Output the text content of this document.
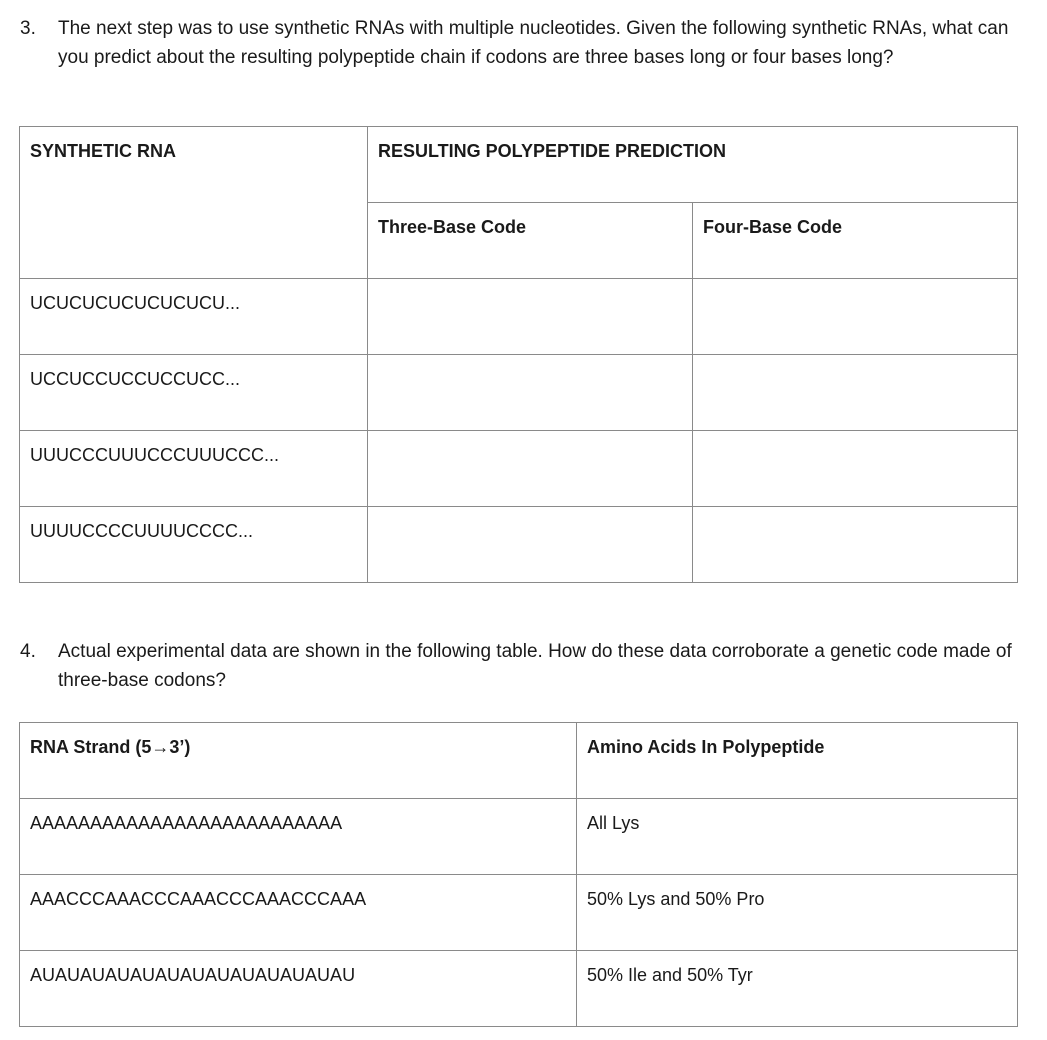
3. The next step was to use synthetic RNAs with multiple nucleotides. Given the following synthetic RNAs, what can you predict about the resulting polypeptide chain if codons are three bases long or four bases long?
SYNTHETIC RNA	RESULTING POLYPEPTIDE PREDICTION	

	Three-Base Code	Four-Base Code

UCUCUCUCUCUCUCU...		

UCCUCCUCCUCCUCC...		

UUUCCCUUUCCCUUUCCC...		

UUUUCCCCUUUUCCCC...		

4. Actual experimental data are shown in the following table. How do these data corroborate a genetic code made of three-base codons?
RNA Strand (5→3’)	Amino Acids In Polypeptide

AAAAAAAAAAAAAAAAAAAAAAAAAA	All Lys

AAACCCAAACCCAAACCCAAACCCAAA	50% Lys and 50% Pro

AUAUAUAUAUAUAUAUAUAUAUAUAU	50% Ile and 50% Tyr
